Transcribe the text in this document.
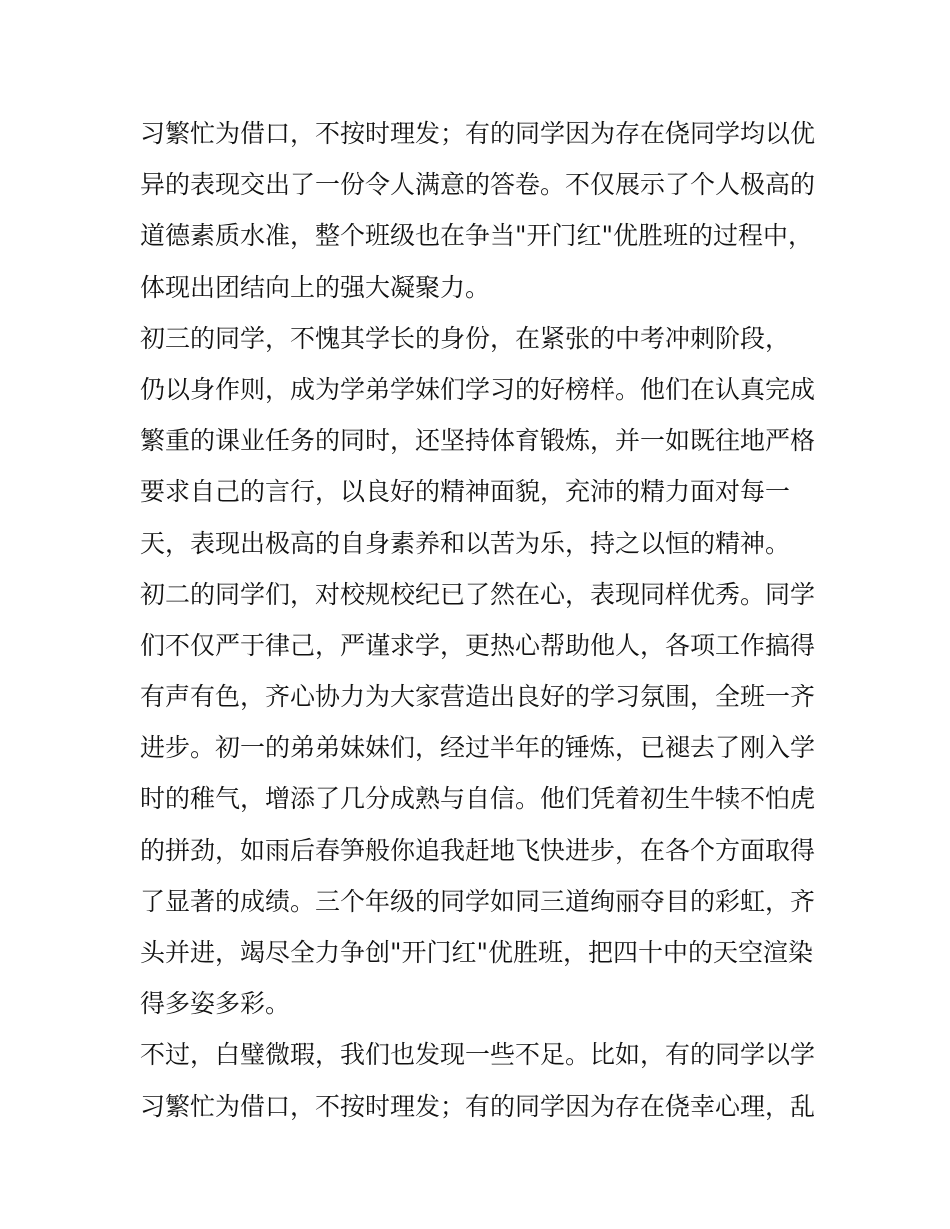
习繁忙为借口，不按时理发；有的同学因为存在侥同学均以优
异的表现交出了一份令人满意的答卷。不仅展示了个人极高的
道德素质水准，整个班级也在争当"开门红"优胜班的过程中，
体现出团结向上的强大凝聚力。
初三的同学，不愧其学长的身份，在紧张的中考冲刺阶段，
仍以身作则，成为学弟学妹们学习的好榜样。他们在认真完成
繁重的课业任务的同时，还坚持体育锻炼，并一如既往地严格
要求自己的言行，以良好的精神面貌，充沛的精力面对每一
天，表现出极高的自身素养和以苦为乐，持之以恒的精神。
初二的同学们，对校规校纪已了然在心，表现同样优秀。同学
们不仅严于律己，严谨求学，更热心帮助他人，各项工作搞得
有声有色，齐心协力为大家营造出良好的学习氛围，全班一齐
进步。初一的弟弟妹妹们，经过半年的锤炼，已褪去了刚入学
时的稚气，增添了几分成熟与自信。他们凭着初生牛犊不怕虎
的拼劲，如雨后春笋般你追我赶地飞快进步，在各个方面取得
了显著的成绩。三个年级的同学如同三道绚丽夺目的彩虹，齐
头并进，竭尽全力争创"开门红"优胜班，把四十中的天空渲染
得多姿多彩。
不过，白璧微瑕，我们也发现一些不足。比如，有的同学以学
习繁忙为借口，不按时理发；有的同学因为存在侥幸心理，乱
